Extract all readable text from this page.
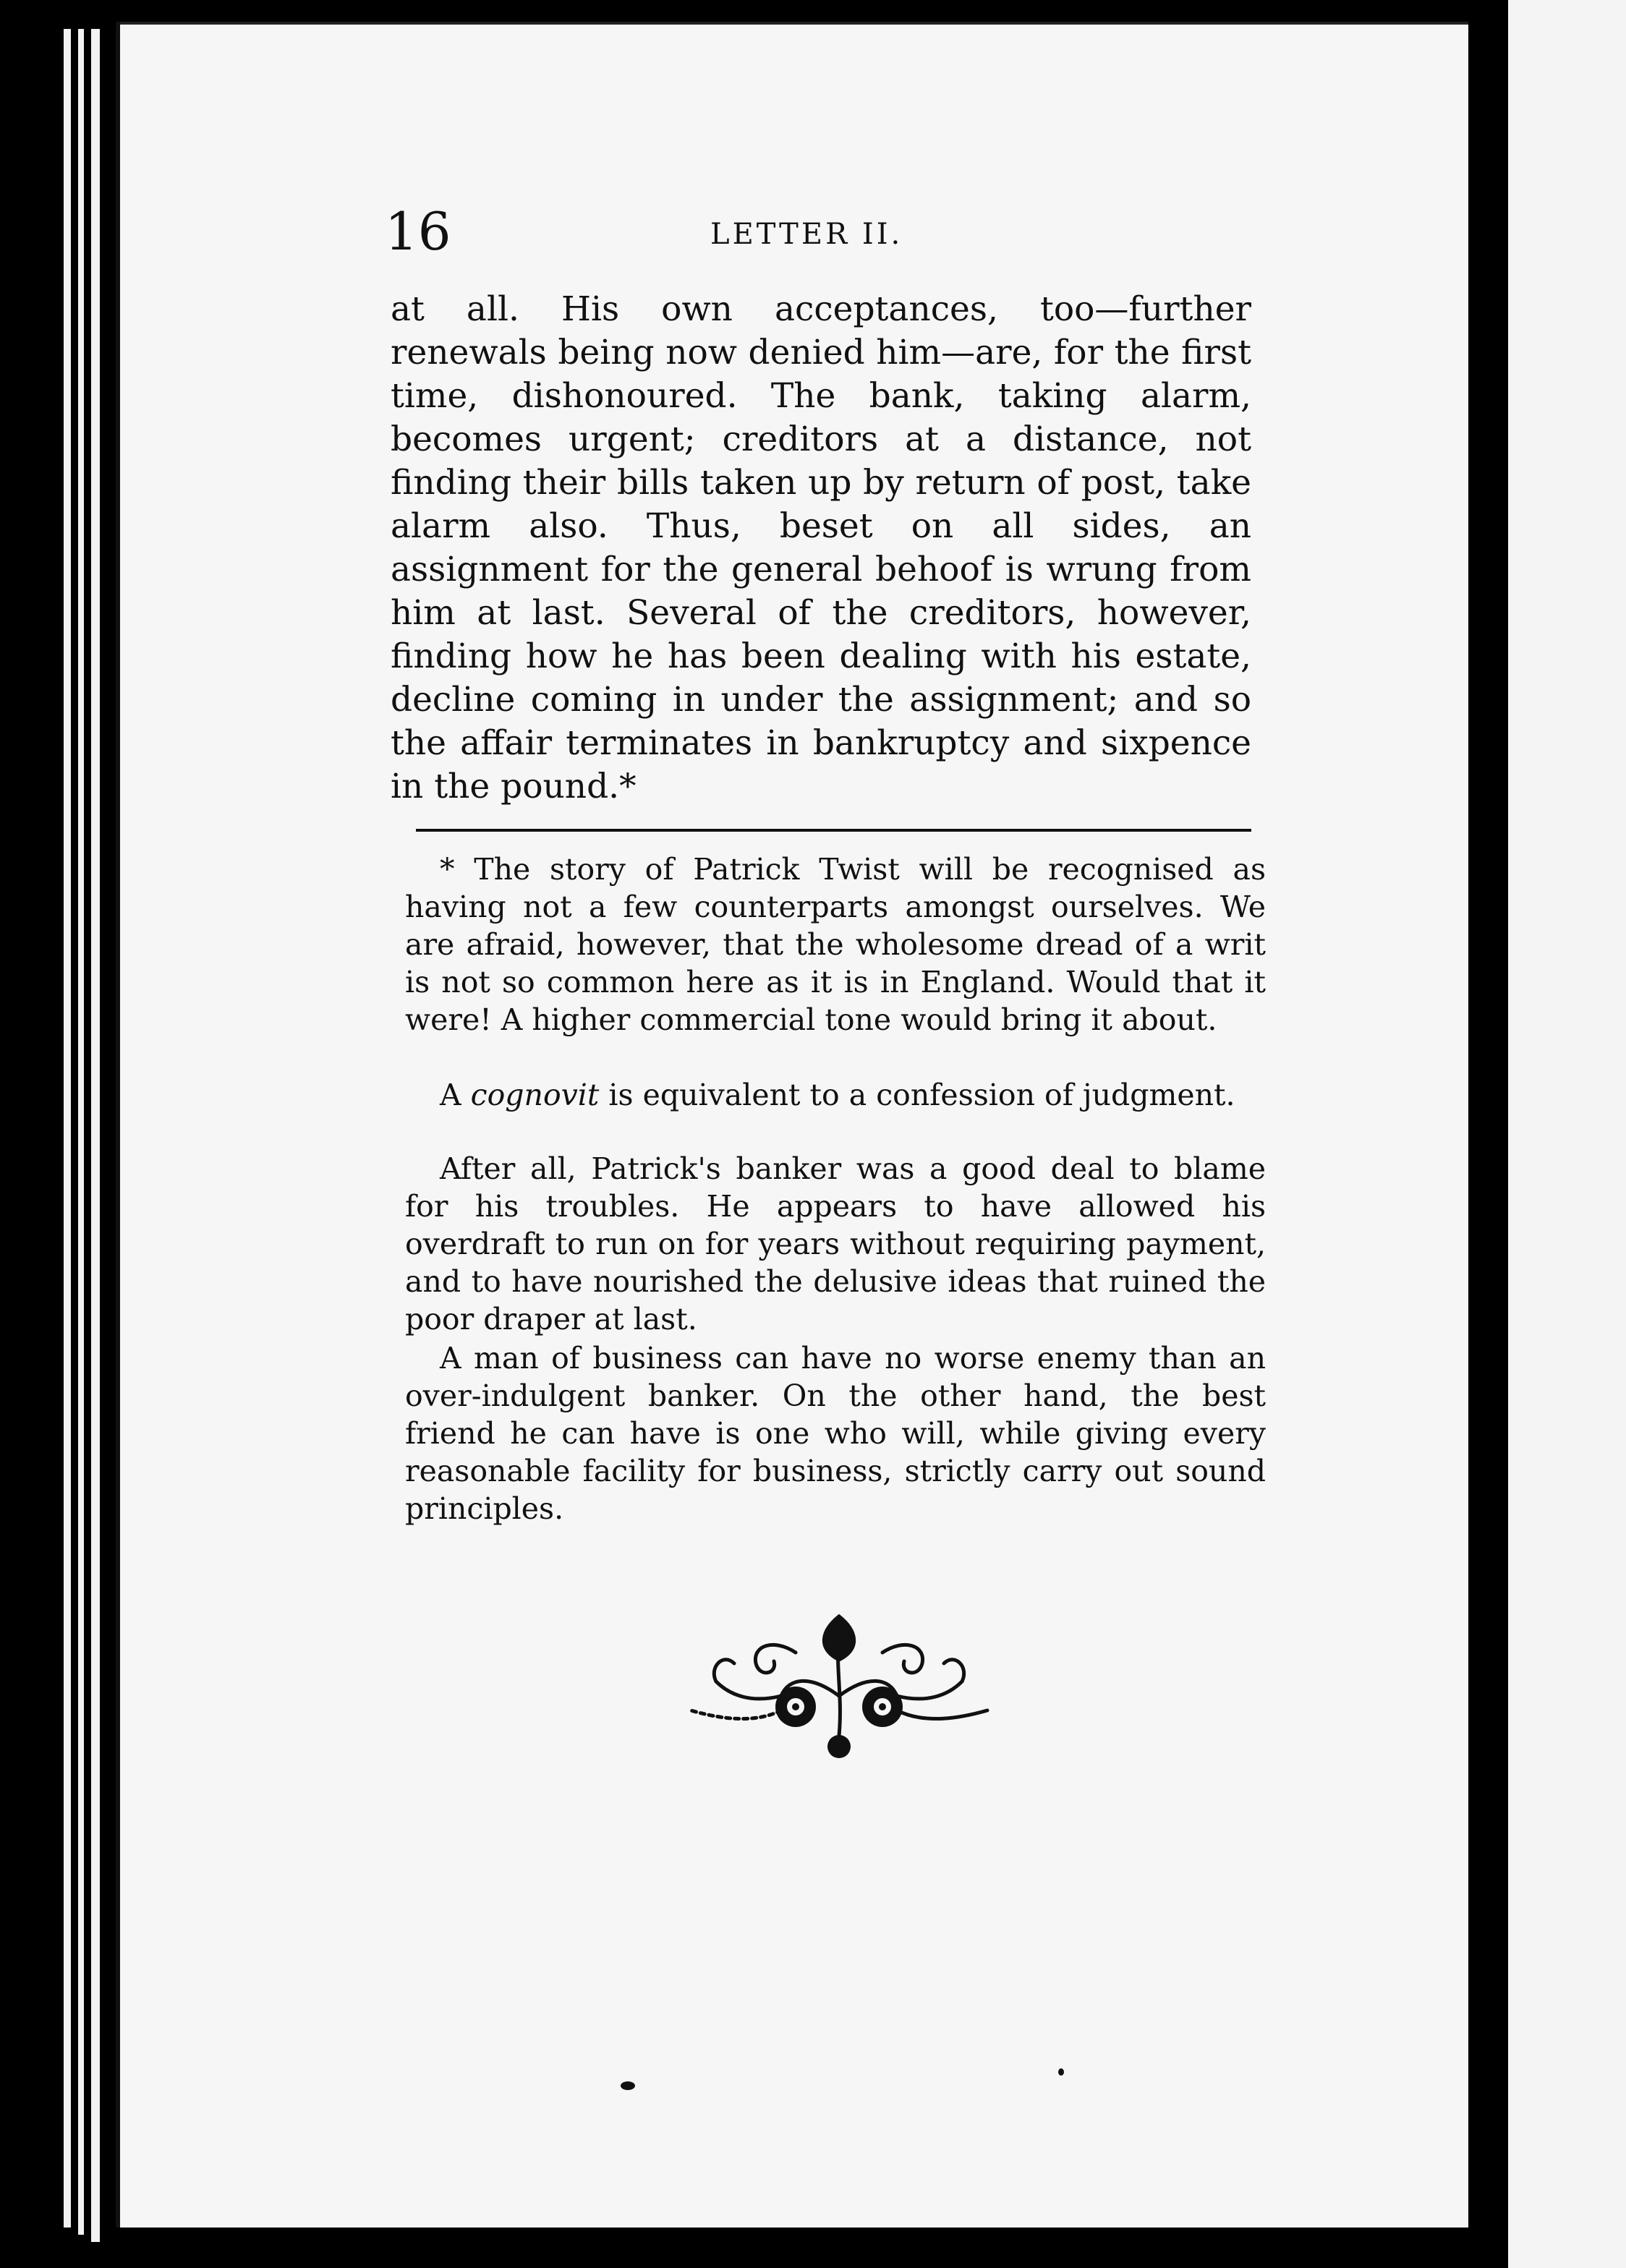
16	LETTER II.

at all. His own acceptances, too—further renewals being now denied him—are, for the first time, dishonoured. The bank, taking alarm, becomes urgent; creditors at a distance, not finding their bills taken up by return of post, take alarm also. Thus, beset on all sides, an assignment for the general behoof is wrung from him at last. Several of the creditors, however, finding how he has been dealing with his estate, decline coming in under the assignment; and so the affair terminates in bankruptcy and sixpence in the pound.*

* The story of Patrick Twist will be recognised as having not a few counterparts amongst ourselves. We are afraid, however, that the wholesome dread of a writ is not so common here as it is in England. Would that it were! A higher commercial tone would bring it about.

A cognovit is equivalent to a confession of judgment.

After all, Patrick's banker was a good deal to blame for his troubles. He appears to have allowed his overdraft to run on for years without requiring payment, and to have nourished the delusive ideas that ruined the poor draper at last.

A man of business can have no worse enemy than an over-indulgent banker. On the other hand, the best friend he can have is one who will, while giving every reasonable facility for business, strictly carry out sound principles.
